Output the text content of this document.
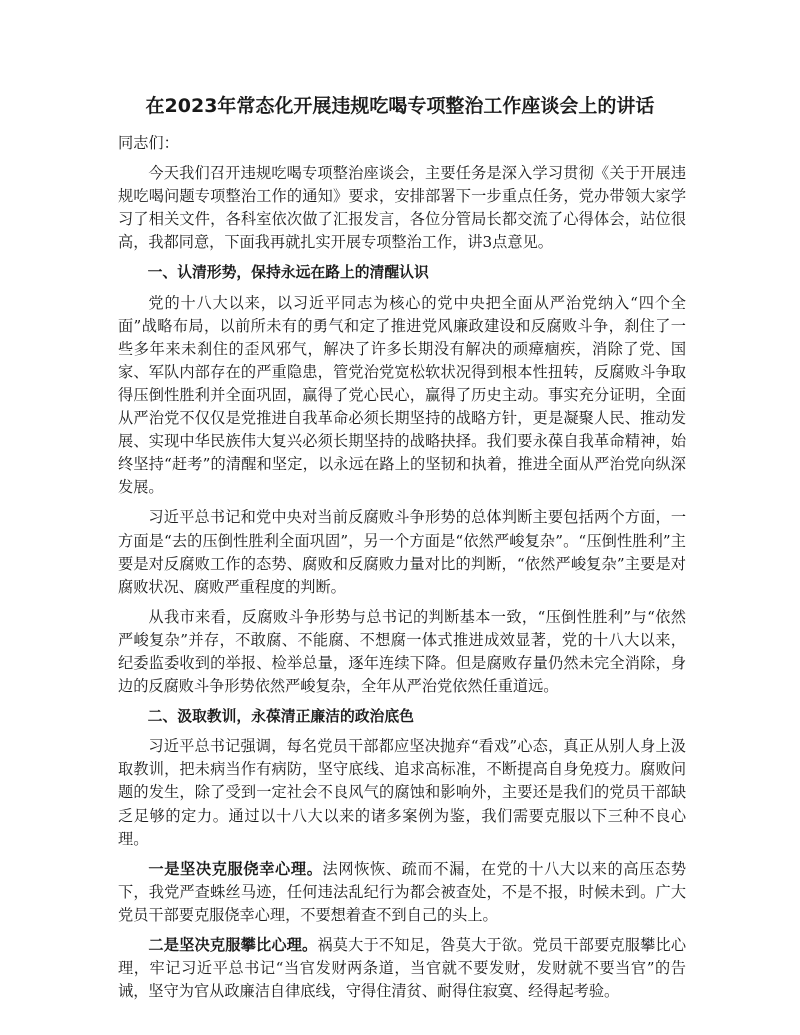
在2023年常态化开展违规吃喝专项整治工作座谈会上的讲话

同志们：

今天我们召开违规吃喝专项整治座谈会，主要任务是深入学习贯彻《关于开展违规吃喝问题专项整治工作的通知》要求，安排部署下一步重点任务，党办带领大家学习了相关文件，各科室依次做了汇报发言，各位分管局长都交流了心得体会，站位很高，我都同意，下面我再就扎实开展专项整治工作，讲3点意见。

一、认清形势，保持永远在路上的清醒认识

党的十八大以来，以习近平同志为核心的党中央把全面从严治党纳入“四个全面”战略布局，以前所未有的勇气和定了推进党风廉政建设和反腐败斗争，刹住了一些多年来未刹住的歪风邪气，解决了许多长期没有解决的顽瘴痼疾，消除了党、国家、军队内部存在的严重隐患，管党治党宽松软状况得到根本性扭转，反腐败斗争取得压倒性胜利并全面巩固，赢得了党心民心，赢得了历史主动。事实充分证明，全面从严治党不仅仅是党推进自我革命必须长期坚持的战略方针，更是凝聚人民、推动发展、实现中华民族伟大复兴必须长期坚持的战略抉择。我们要永葆自我革命精神，始终坚持“赶考”的清醒和坚定，以永远在路上的坚韧和执着，推进全面从严治党向纵深发展。

习近平总书记和党中央对当前反腐败斗争形势的总体判断主要包括两个方面，一方面是“去的压倒性胜利全面巩固”，另一个方面是“依然严峻复杂”。“压倒性胜利”主要是对反腐败工作的态势、腐败和反腐败力量对比的判断，“依然严峻复杂”主要是对腐败状况、腐败严重程度的判断。

从我市来看，反腐败斗争形势与总书记的判断基本一致，“压倒性胜利”与“依然严峻复杂”并存，不敢腐、不能腐、不想腐一体式推进成效显著，党的十八大以来，纪委监委收到的举报、检举总量，逐年连续下降。但是腐败存量仍然未完全消除，身边的反腐败斗争形势依然严峻复杂，全年从严治党依然任重道远。

二、汲取教训，永葆清正廉洁的政治底色

习近平总书记强调，每名党员干部都应坚决抛弃“看戏”心态，真正从别人身上汲取教训，把未病当作有病防，坚守底线、追求高标准，不断提高自身免疫力。腐败问题的发生，除了受到一定社会不良风气的腐蚀和影响外，主要还是我们的党员干部缺乏足够的定力。通过以十八大以来的诸多案例为鉴，我们需要克服以下三种不良心理。

一是坚决克服侥幸心理。法网恢恢、疏而不漏，在党的十八大以来的高压态势下，我党严查蛛丝马迹，任何违法乱纪行为都会被查处，不是不报，时候未到。广大党员干部要克服侥幸心理，不要想着查不到自己的头上。

二是坚决克服攀比心理。祸莫大于不知足，咎莫大于欲。党员干部要克服攀比心理，牢记习近平总书记“当官发财两条道，当官就不要发财，发财就不要当官”的告诫，坚守为官从政廉洁自律底线，守得住清贫、耐得住寂寞、经得起考验。
